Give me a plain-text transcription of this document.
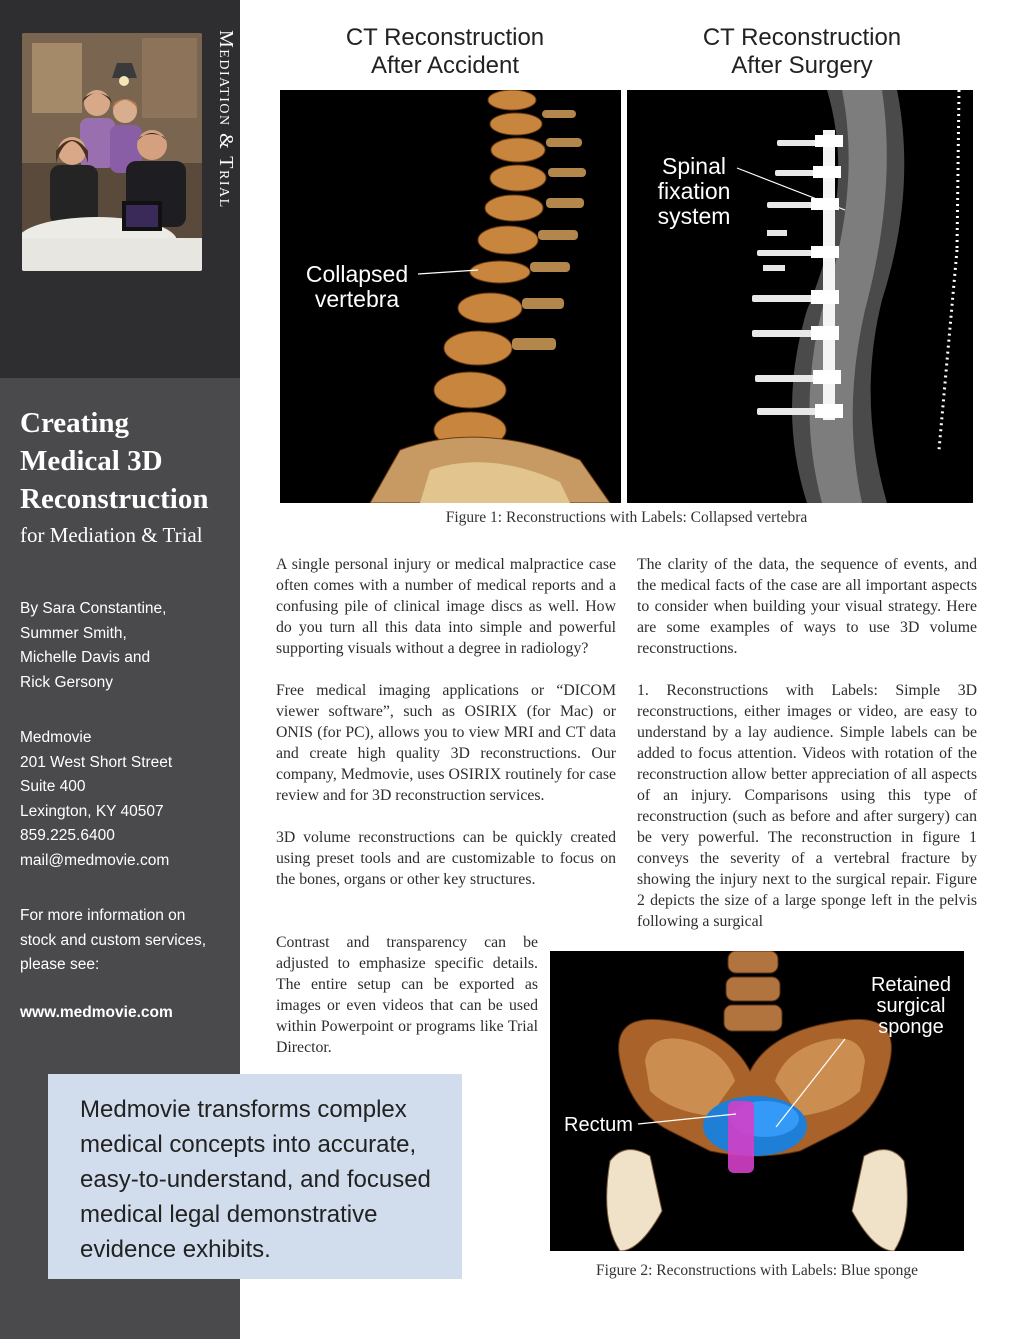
Mediation & Trial
Creating
Medical 3D
Reconstruction
for Mediation & Trial
By Sara Constantine,
Summer Smith,
Michelle Davis and
Rick Gersony
Medmovie
201 West Short Street
Suite 400
Lexington, KY 40507
859.225.6400
mail@medmovie.com
For more information on
stock and custom services,
please see:
www.medmovie.com
CT Reconstruction
After Accident
CT Reconstruction
After Surgery
Collapsed
vertebra
Spinal
fixation
system
Figure 1: Reconstructions with Labels: Collapsed vertebra

A single personal injury or medical malpractice case often comes with a number of medical reports and a confusing pile of clinical image discs as well. How do you turn all this data into simple and powerful supporting visuals without a degree in radiology?

Free medical imaging applications or “DICOM viewer software”, such as OSIRIX (for Mac) or ONIS (for PC), allows you to view MRI and CT data and create high quality 3D reconstructions. Our company, Medmovie, uses OSIRIX routinely for case review and for 3D reconstruction services.

3D volume reconstructions can be quickly created using preset tools and are customizable to focus on the bones, organs or other key structures.

Contrast and transparency can be adjusted to emphasize specific details. The entire setup can be exported as images or even videos that can be used within Powerpoint or programs like Trial Director.

The clarity of the data, the sequence of events, and the medical facts of the case are all important aspects to consider when building your visual strategy. Here are some examples of ways to use 3D volume reconstructions.

1. Reconstructions with Labels: Simple 3D reconstructions, either images or video, are easy to understand by a lay audience. Simple labels can be added to focus attention. Videos with rotation of the reconstruction allow better appreciation of all aspects of an injury. Comparisons using this type of reconstruction (such as before and after surgery) can be very powerful. The reconstruction in figure 1 conveys the severity of a vertebral fracture by showing the injury next to the surgical repair. Figure 2 depicts the size of a large sponge left in the pelvis following a surgical

Retained
surgical
sponge
Rectum
Figure 2: Reconstructions with Labels: Blue sponge
Medmovie transforms complex medical concepts into accurate, easy-to-understand, and focused medical legal demonstrative evidence exhibits.
